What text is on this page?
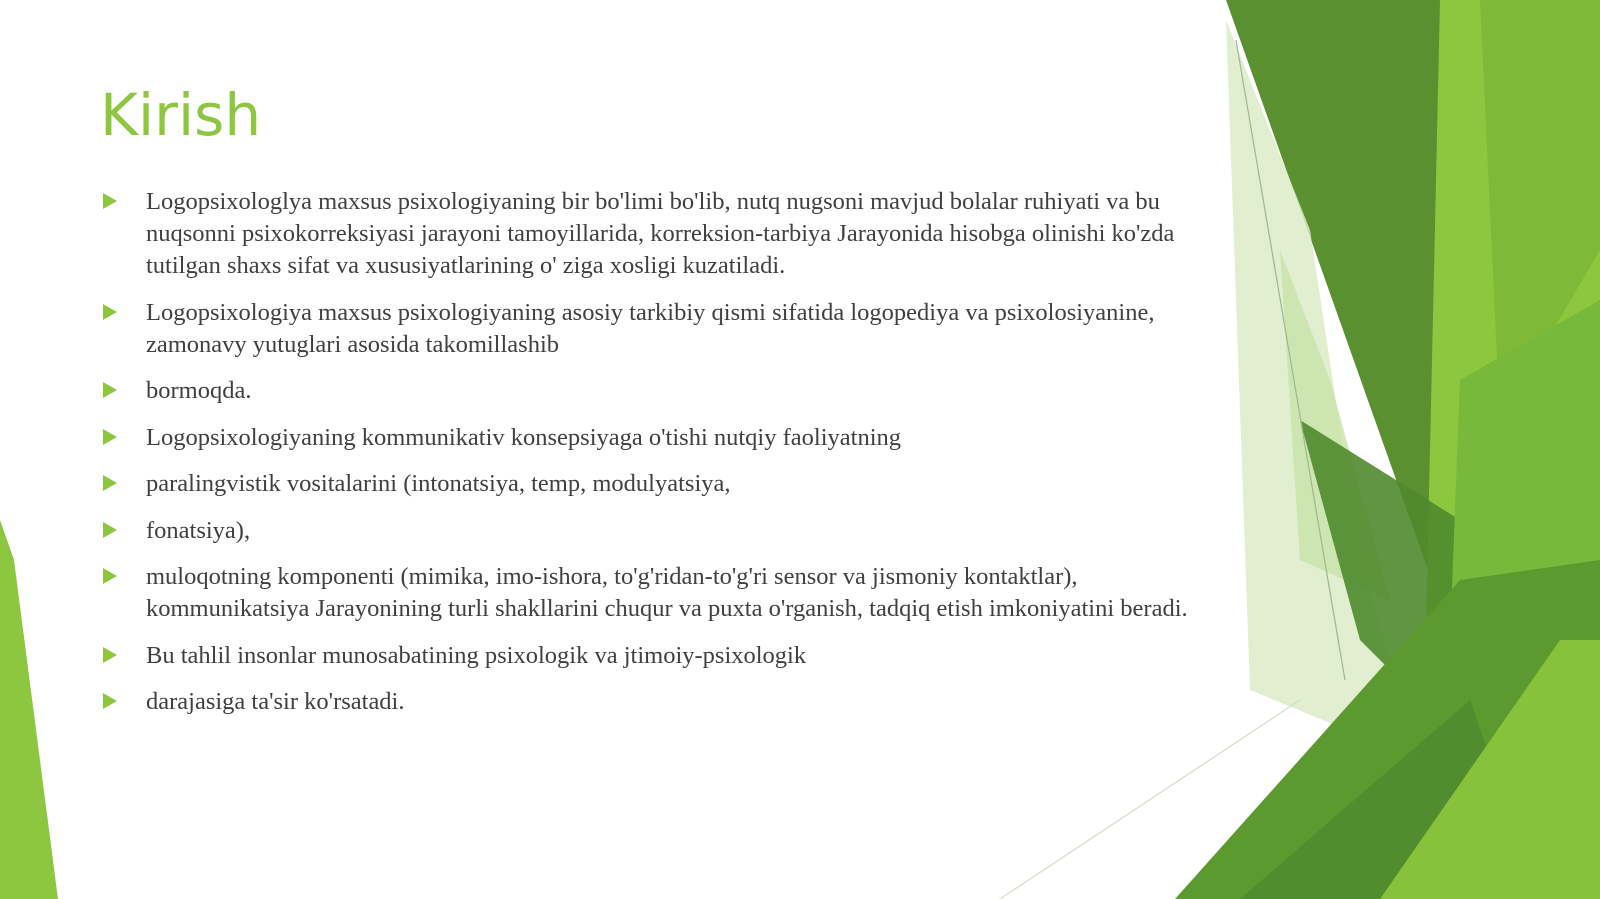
Kirish
Logopsixologlya maxsus psixologiyaning bir bo'limi bo'lib, nutq nugsoni mavjud bolalar ruhiyati va bu nuqsonni psixokorreksiyasi jarayoni tamoyillarida, korreksion-tarbiya Jarayonida hisobga olinishi ko'zda tutilgan shaxs sifat va xususiyatlarining o' ziga xosligi kuzatiladi.
Logopsixologiya maxsus psixologiyaning asosiy tarkibiy qismi sifatida logopediya va psixolosiyanine, zamonavy yutuglari asosida takomillashib
bormoqda.
Logopsixologiyaning kommunikativ konsepsiyaga o'tishi nutqiy faoliyatning
paralingvistik vositalarini (intonatsiya, temp, modulyatsiya,
fonatsiya),
muloqotning komponenti (mimika, imo-ishora, to'g'ridan-to'g'ri sensor va jismoniy kontaktlar), kommunikatsiya Jarayonining turli shakllarini chuqur va puxta o'rganish, tadqiq etish imkoniyatini beradi.
Bu tahlil insonlar munosabatining psixologik va jtimoiy-psixologik
darajasiga ta'sir ko'rsatadi.
